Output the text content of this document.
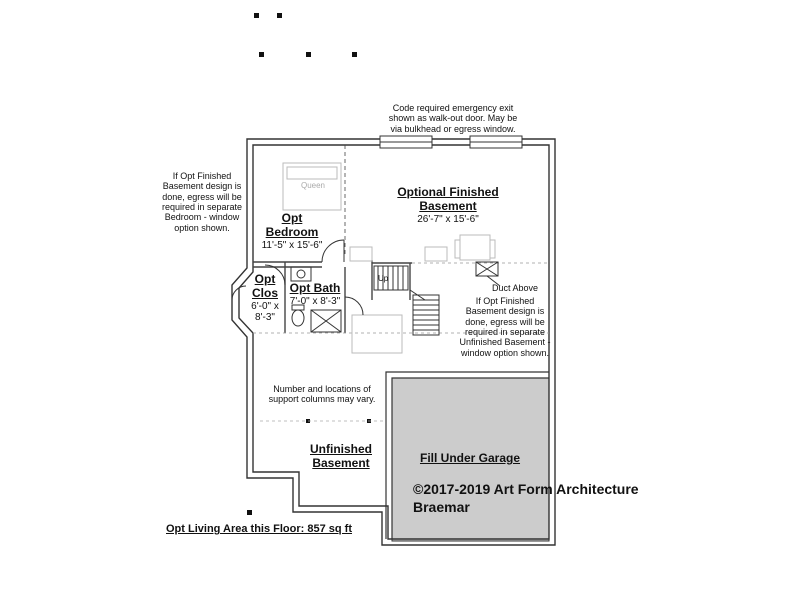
Code required emergency exit shown as walk-out door. May be via bulkhead or egress window.
If Opt Finished Basement design is done, egress will be required in separate Bedroom - window option shown.
Optional Finished
Basement
26'-7" x 15'-6"
Opt
Bedroom
11'-5" x 15'-6"
Queen
Opt
Clos
6'-0" x
8'-3"
Opt Bath
7'-0" x 8'-3"
Up
Duct Above
If Opt Finished Basement design is done, egress will be required in separate Unfinished Basement - window option shown.
Number and locations of support columns may vary.
Unfinished
Basement	Fill Under Garage
©2017-2019 Art Form Architecture
Braemar
Opt Living Area this Floor: 857 sq ft
